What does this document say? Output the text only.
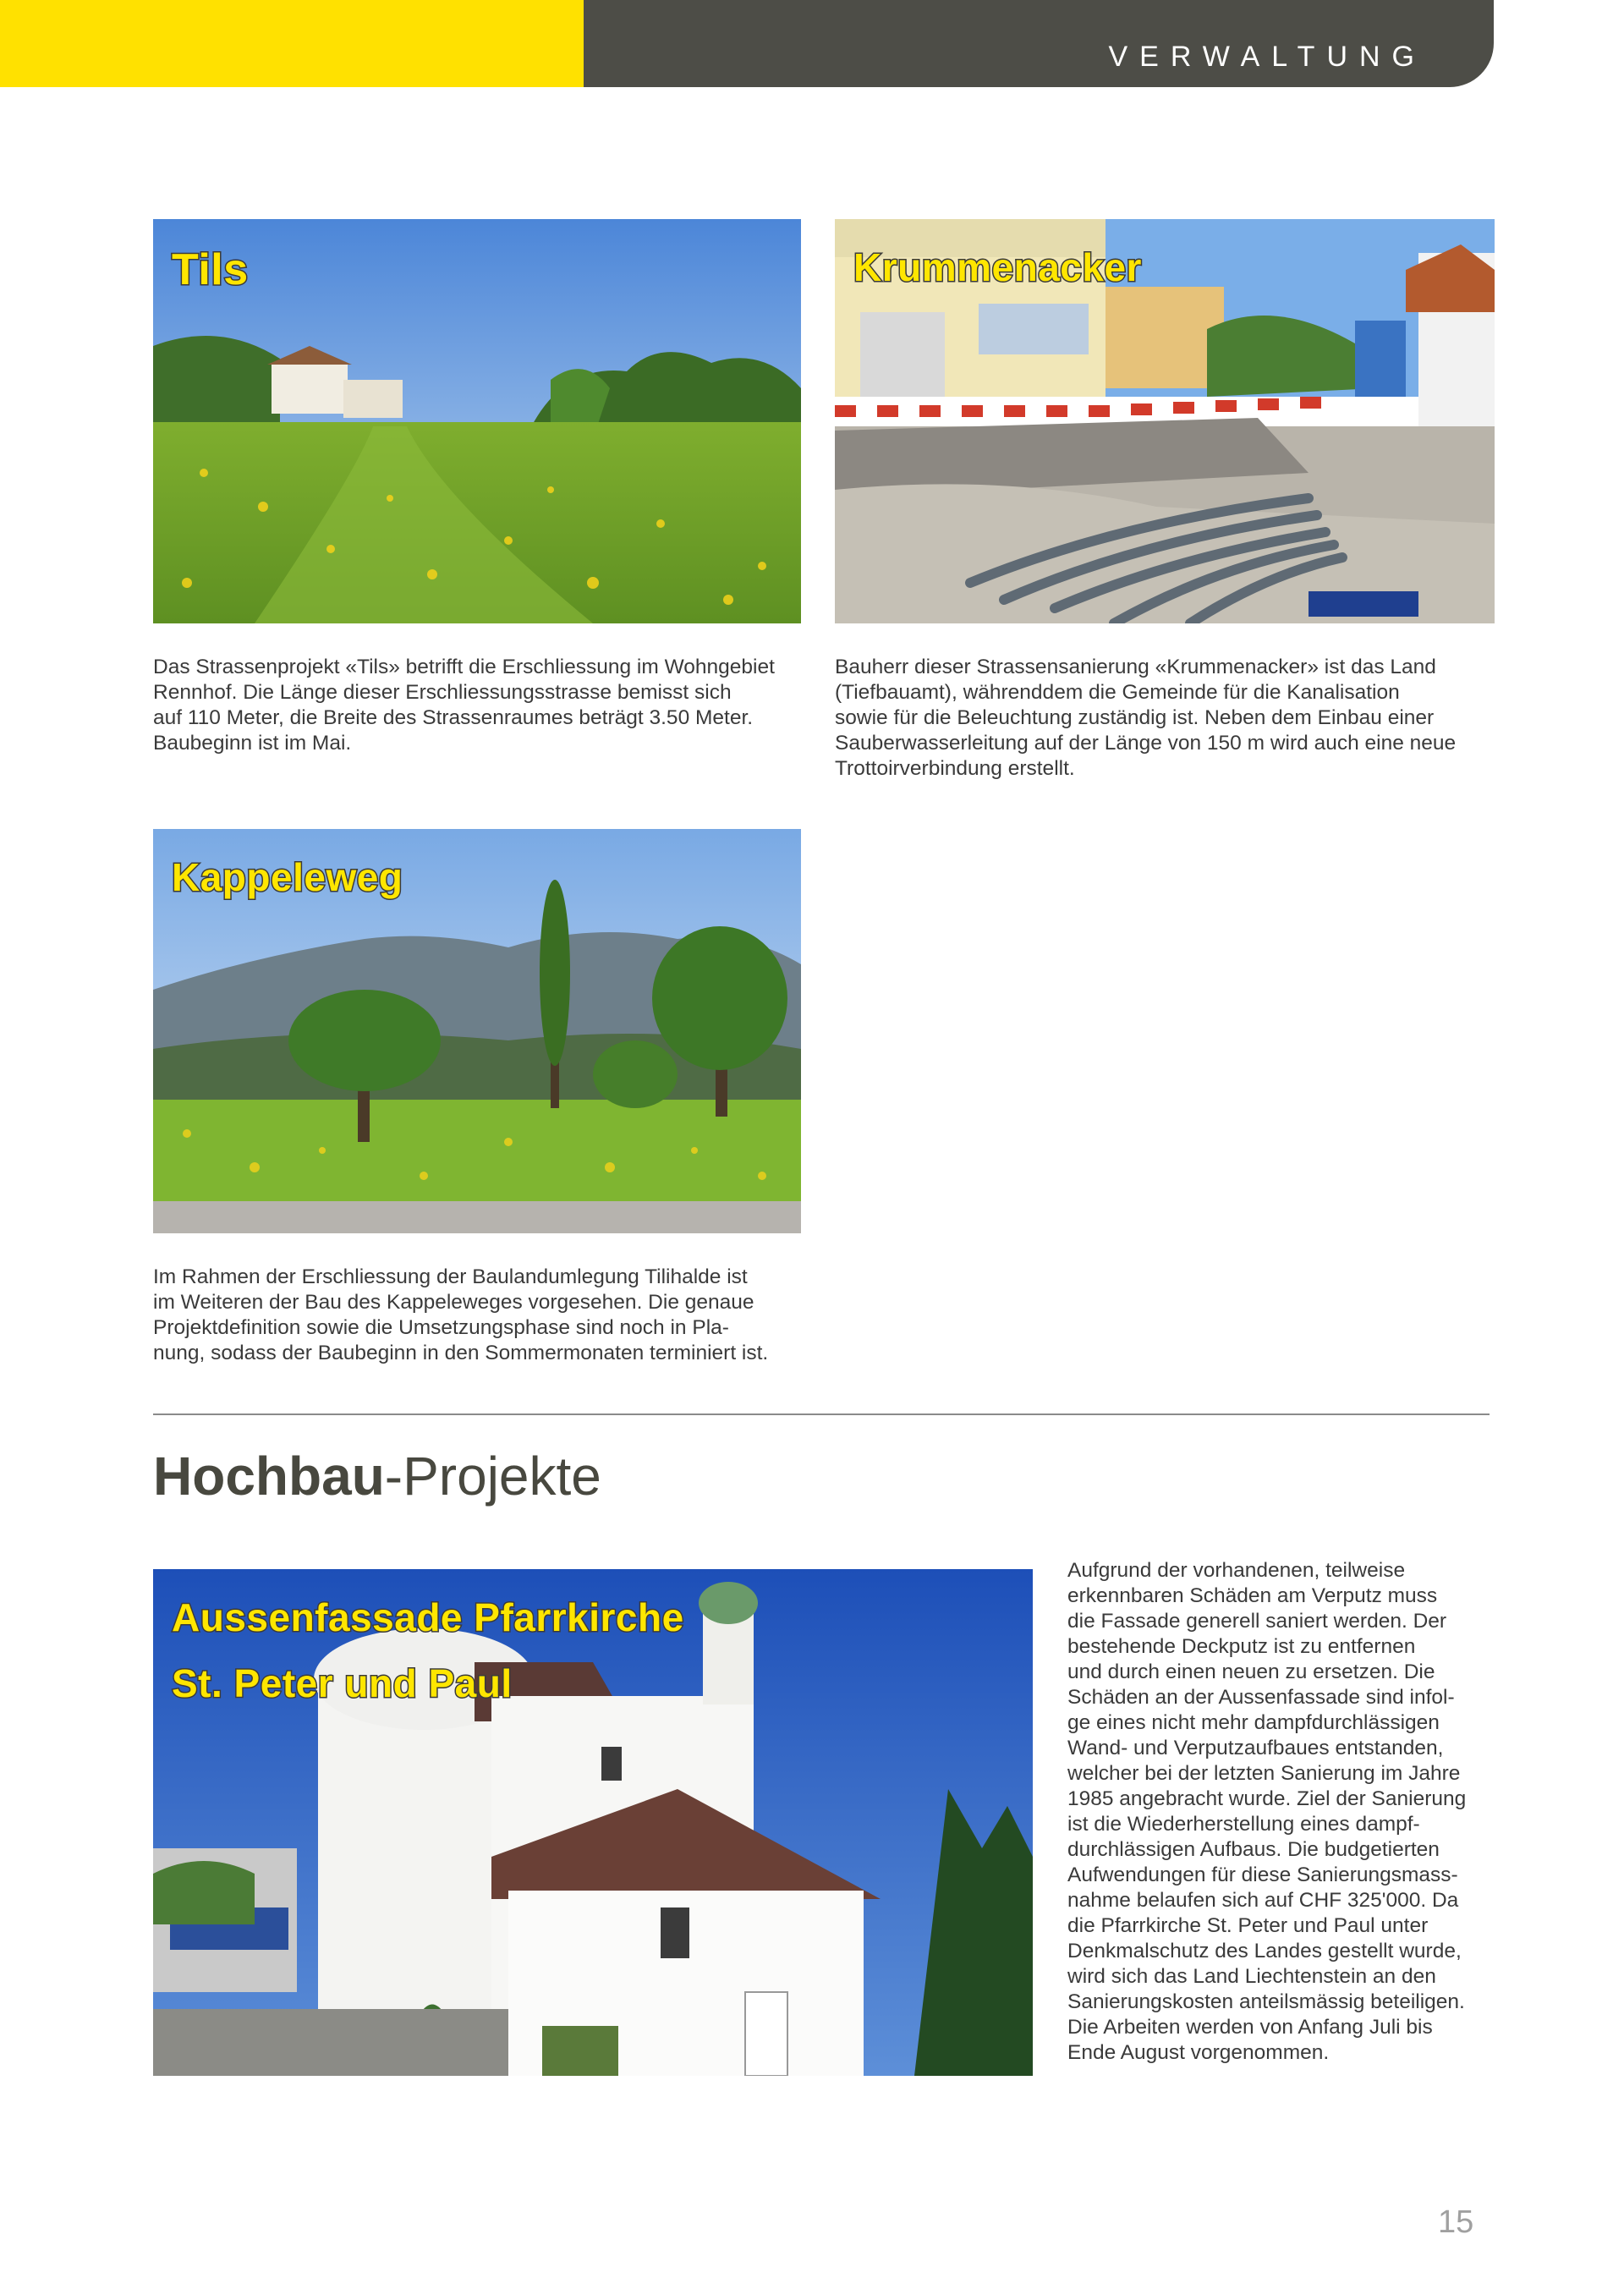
VERWALTUNG
Tils	Krummenacker
Das Strassenprojekt «Tils» betrifft die Erschliessung im Wohngebiet
Rennhof. Die Länge dieser Erschliessungsstrasse bemisst sich
auf 110 Meter, die Breite des Strassenraumes beträgt 3.50 Meter.
Baubeginn ist im Mai.
Bauherr dieser Strassensanierung «Krummenacker» ist das Land
(Tiefbauamt), währenddem die Gemeinde für die Kanalisation
sowie für die Beleuchtung zuständig ist. Neben dem Einbau einer
Sauberwasserleitung auf der Länge von 150 m wird auch eine neue
Trottoirverbindung erstellt.
Kappeleweg
Im Rahmen der Erschliessung der Baulandumlegung Tilihalde ist
im Weiteren der Bau des Kappeleweges vorgesehen. Die genaue
Projektdefinition sowie die Umsetzungsphase sind noch in Pla-
nung, sodass der Baubeginn in den Sommermonaten terminiert ist.
Hochbau-Projekte
Aussenfassade Pfarrkirche
St. Peter und Paul
Aufgrund der vorhandenen, teilweise
erkennbaren Schäden am Verputz muss
die Fassade generell saniert werden. Der
bestehende Deckputz ist zu entfernen
und durch einen neuen zu ersetzen. Die
Schäden an der Aussenfassade sind infol-
ge eines nicht mehr dampfdurchlässigen
Wand- und Verputzaufbaues entstanden,
welcher bei der letzten Sanierung im Jahre
1985 angebracht wurde. Ziel der Sanierung
ist die Wiederherstellung eines dampf-
durchlässigen Aufbaus. Die budgetierten
Aufwendungen für diese Sanierungsmass-
nahme belaufen sich auf CHF 325'000. Da
die Pfarrkirche St. Peter und Paul unter
Denkmalschutz des Landes gestellt wurde,
wird sich das Land Liechtenstein an den
Sanierungskosten anteilsmässig beteiligen.
Die Arbeiten werden von Anfang Juli bis
Ende August vorgenommen.
15
